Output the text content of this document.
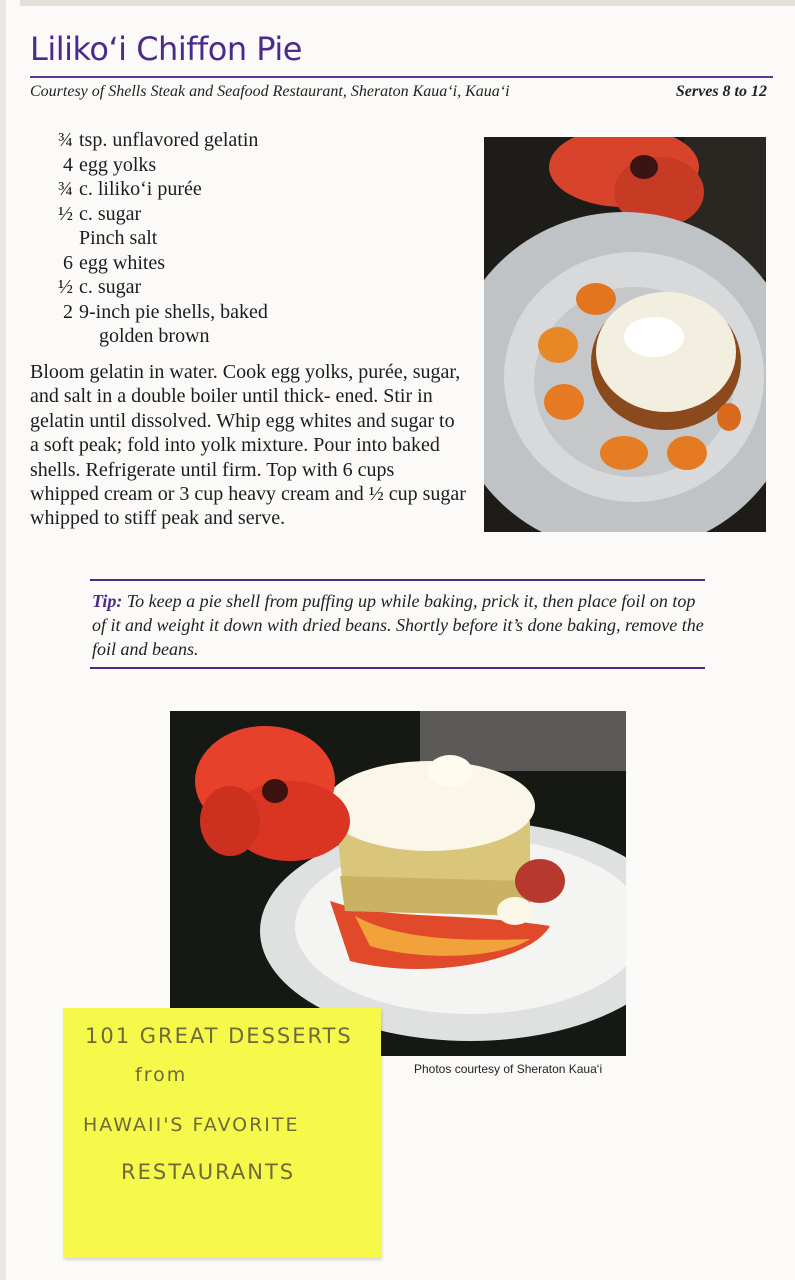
Liliko‘i Chiffon Pie
Courtesy of Shells Steak and Seafood Restaurant, Sheraton Kaua‘i, Kaua‘i	Serves 8 to 12
¾ tsp. unflavored gelatin
4 egg yolks
¾ c. liliko‘i purée
½ c. sugar
Pinch salt
6 egg whites
½ c. sugar
2 9-inch pie shells, baked
golden brown
Bloom gelatin in water. Cook egg yolks, purée, sugar, and salt in a double boiler until thick- ened. Stir in gelatin until dissolved. Whip egg whites and sugar to a soft peak; fold into yolk mixture. Pour into baked shells. Refrigerate until firm. Top with 6 cups whipped cream or 3 cup heavy cream and ½ cup sugar whipped to stiff peak and serve.
Tip: To keep a pie shell from puffing up while baking, prick it, then place foil on top of it and weight it down with dried beans. Shortly before it’s done baking, remove the foil and beans.
Photos courtesy of Sheraton Kaua‘i
101 GREAT DESSERTS
from
HAWAII'S FAVORITE
RESTAURANTS
